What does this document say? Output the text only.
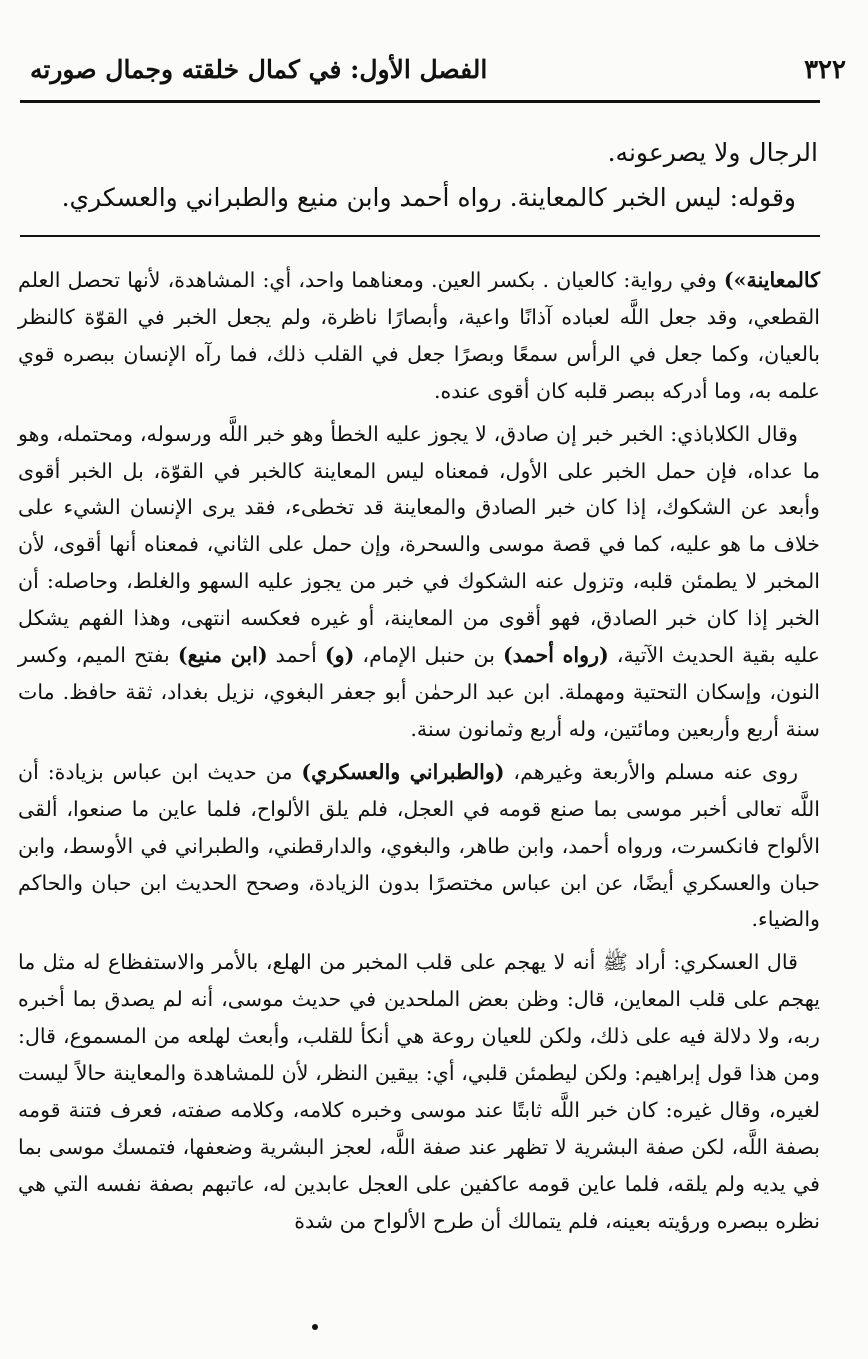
٣٢٢
الفصل الأول: في كمال خلقته وجمال صورته

الرجال ولا يصرعونه.

وقوله: ليس الخبر كالمعاينة. رواه أحمد وابن منيع والطبراني والعسكري.

كالمعاينة») وفي رواية: كالعيان . بكسر العين. ومعناهما واحد، أي: المشاهدة، لأنها تحصل العلم القطعي، وقد جعل اللَّه لعباده آذانًا واعية، وأبصارًا ناظرة، ولم يجعل الخبر في القوّة كالنظر بالعيان، وكما جعل في الرأس سمعًا وبصرًا جعل في القلب ذلك، فما رآه الإنسان ببصره قوي علمه به، وما أدركه ببصر قلبه كان أقوى عنده.

وقال الكلاباذي: الخبر خبر إن صادق، لا يجوز عليه الخطأ وهو خبر اللَّه ورسوله، ومحتمله، وهو ما عداه، فإن حمل الخبر على الأول، فمعناه ليس المعاينة كالخبر في القوّة، بل الخبر أقوى وأبعد عن الشكوك، إذا كان خبر الصادق والمعاينة قد تخطىء، فقد يرى الإنسان الشيء على خلاف ما هو عليه، كما في قصة موسى والسحرة، وإن حمل على الثاني، فمعناه أنها أقوى، لأن المخبر لا يطمئن قلبه، وتزول عنه الشكوك في خبر من يجوز عليه السهو والغلط، وحاصله: أن الخبر إذا كان خبر الصادق، فهو أقوى من المعاينة، أو غيره فعكسه انتهى، وهذا الفهم يشكل عليه بقية الحديث الآتية، (رواه أحمد) بن حنبل الإمام، (و) أحمد (ابن منيع) بفتح الميم، وكسر النون، وإسكان التحتية ومهملة. ابن عبد الرحمٰن أبو جعفر البغوي، نزيل بغداد، ثقة حافظ. مات سنة أربع وأربعين ومائتين، وله أربع وثمانون سنة.

روى عنه مسلم والأربعة وغيرهم، (والطبراني والعسكري) من حديث ابن عباس بزيادة: أن اللَّه تعالى أخبر موسى بما صنع قومه في العجل، فلم يلق الألواح، فلما عاين ما صنعوا، ألقى الألواح فانكسرت، ورواه أحمد، وابن طاهر، والبغوي، والدارقطني، والطبراني في الأوسط، وابن حبان والعسكري أيضًا، عن ابن عباس مختصرًا بدون الزيادة، وصحح الحديث ابن حبان والحاكم والضياء.

قال العسكري: أراد ﷺ أنه لا يهجم على قلب المخبر من الهلع، بالأمر والاستفظاع له مثل ما يهجم على قلب المعاين، قال: وظن بعض الملحدين في حديث موسى، أنه لم يصدق بما أخبره ربه، ولا دلالة فيه على ذلك، ولكن للعيان روعة هي أنكأ للقلب، وأبعث لهلعه من المسموع، قال: ومن هذا قول إبراهيم: ولكن ليطمئن قلبي، أي: بيقين النظر، لأن للمشاهدة والمعاينة حالاً ليست لغيره، وقال غيره: كان خبر اللَّه ثابتًا عند موسى وخبره كلامه، وكلامه صفته، فعرف فتنة قومه بصفة اللَّه، لكن صفة البشرية لا تظهر عند صفة اللَّه، لعجز البشرية وضعفها، فتمسك موسى بما في يديه ولم يلقه، فلما عاين قومه عاكفين على العجل عابدين له، عاتبهم بصفة نفسه التي هي نظره ببصره ورؤيته بعينه، فلم يتمالك أن طرح الألواح من شدة
